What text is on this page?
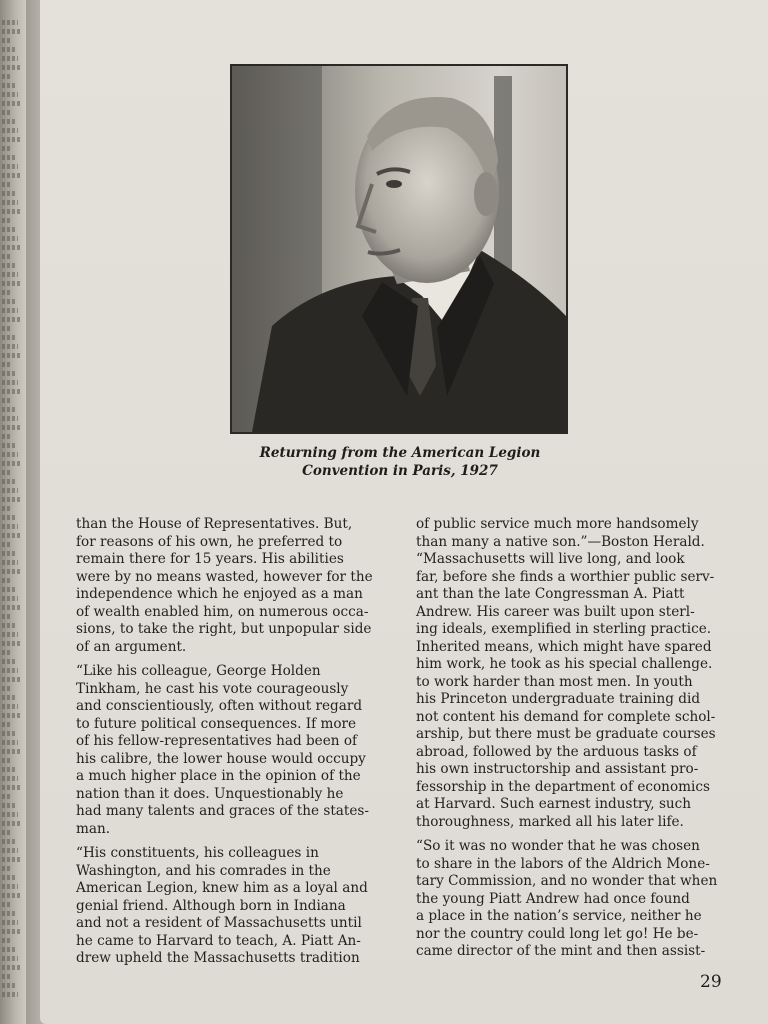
Returning from the American Legion
Convention in Paris, 1927
than the House of Representatives. But,
for reasons of his own, he preferred to
remain there for 15 years. His abilities
were by no means wasted, however for the
independence which he enjoyed as a man
of wealth enabled him, on numerous occa-
sions, to take the right, but unpopular side
of an argument.
“Like his colleague, George Holden
Tinkham, he cast his vote courageously
and conscientiously, often without regard
to future political consequences. If more
of his fellow-representatives had been of
his calibre, the lower house would occupy
a much higher place in the opinion of the
nation than it does. Unquestionably he
had many talents and graces of the states-
man.
“His constituents, his colleagues in
Washington, and his comrades in the
American Legion, knew him as a loyal and
genial friend. Although born in Indiana
and not a resident of Massachusetts until
he came to Harvard to teach, A. Piatt An-
drew upheld the Massachusetts tradition
of public service much more handsomely
than many a native son.”—Boston Herald.
“Massachusetts will live long, and look
far, before she finds a worthier public serv-
ant than the late Congressman A. Piatt
Andrew. His career was built upon sterl-
ing ideals, exemplified in sterling practice.
Inherited means, which might have spared
him work, he took as his special challenge.
to work harder than most men. In youth
his Princeton undergraduate training did
not content his demand for complete schol-
arship, but there must be graduate courses
abroad, followed by the arduous tasks of
his own instructorship and assistant pro-
fessorship in the department of economics
at Harvard. Such earnest industry, such
thoroughness, marked all his later life.
“So it was no wonder that he was chosen
to share in the labors of the Aldrich Mone-
tary Commission, and no wonder that when
the young Piatt Andrew had once found
a place in the nation’s service, neither he
nor the country could long let go! He be-
came director of the mint and then assist-
29
